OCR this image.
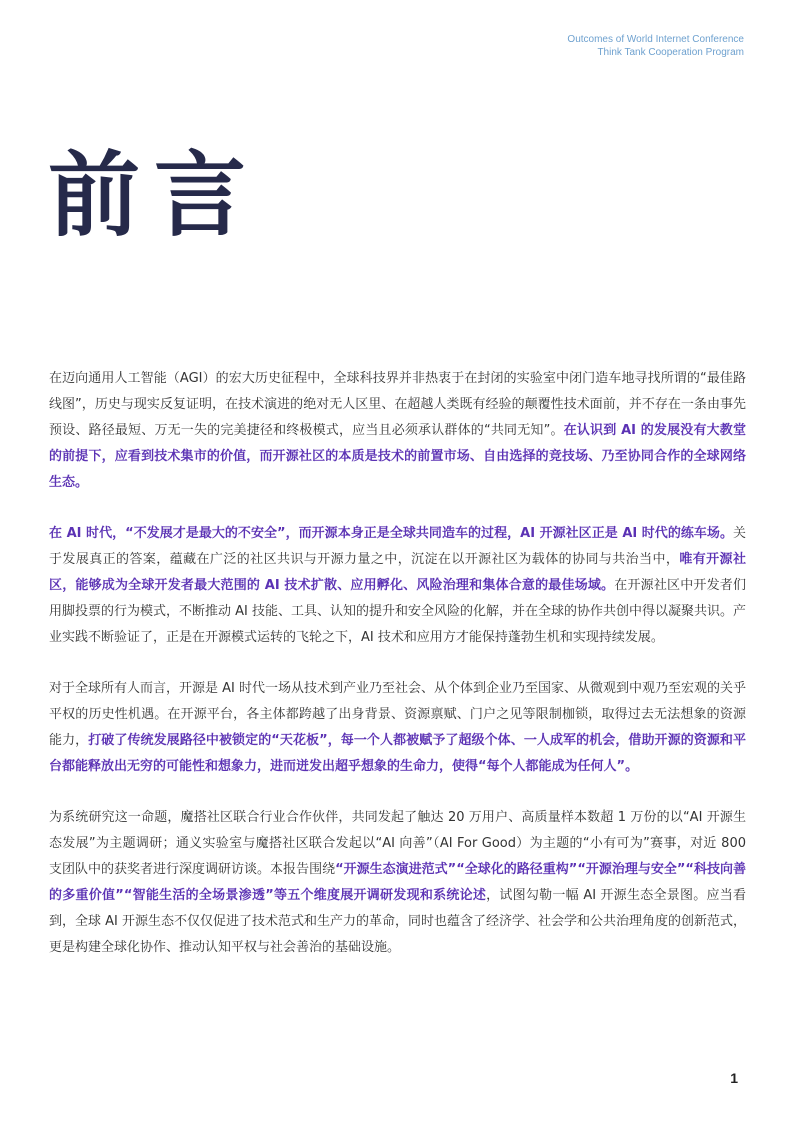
Outcomes of World Internet Conference
Think Tank Cooperation Program
前言

在迈向通用人工智能（AGI）的宏大历史征程中，全球科技界并非热衷于在封闭的实验室中闭门造车地寻找所谓的“最佳路线图”，历史与现实反复证明，在技术演进的绝对无人区里、在超越人类既有经验的颠覆性技术面前，并不存在一条由事先预设、路径最短、万无一失的完美捷径和终极模式，应当且必须承认群体的“共同无知”。在认识到 AI 的发展没有大教堂的前提下，应看到技术集市的价值，而开源社区的本质是技术的前置市场、自由选择的竞技场、乃至协同合作的全球网络生态。

在 AI 时代，“不发展才是最大的不安全”，而开源本身正是全球共同造车的过程，AI 开源社区正是 AI 时代的练车场。关于发展真正的答案，蕴藏在广泛的社区共识与开源力量之中，沉淀在以开源社区为载体的协同与共治当中，唯有开源社区，能够成为全球开发者最大范围的 AI 技术扩散、应用孵化、风险治理和集体合意的最佳场域。在开源社区中开发者们用脚投票的行为模式，不断推动 AI 技能、工具、认知的提升和安全风险的化解，并在全球的协作共创中得以凝聚共识。产业实践不断验证了，正是在开源模式运转的飞轮之下，AI 技术和应用方才能保持蓬勃生机和实现持续发展。

对于全球所有人而言，开源是 AI 时代一场从技术到产业乃至社会、从个体到企业乃至国家、从微观到中观乃至宏观的关乎平权的历史性机遇。在开源平台，各主体都跨越了出身背景、资源禀赋、门户之见等限制枷锁，取得过去无法想象的资源能力，打破了传统发展路径中被锁定的“天花板”，每一个人都被赋予了超级个体、一人成军的机会，借助开源的资源和平台都能释放出无穷的可能性和想象力，进而迸发出超乎想象的生命力，使得“每个人都能成为任何人”。

为系统研究这一命题，魔搭社区联合行业合作伙伴，共同发起了触达 20 万用户、高质量样本数超 1 万份的以“AI 开源生态发展”为主题调研；通义实验室与魔搭社区联合发起以“AI 向善”（AI For Good）为主题的“小有可为”赛事，对近 800 支团队中的获奖者进行深度调研访谈。本报告围绕“开源生态演进范式”“全球化的路径重构”“开源治理与安全”“科技向善的多重价值”“智能生活的全场景渗透”等五个维度展开调研发现和系统论述，试图勾勒一幅 AI 开源生态全景图。应当看到，全球 AI 开源生态不仅仅促进了技术范式和生产力的革命，同时也蕴含了经济学、社会学和公共治理角度的创新范式，更是构建全球化协作、推动认知平权与社会善治的基础设施。

1
